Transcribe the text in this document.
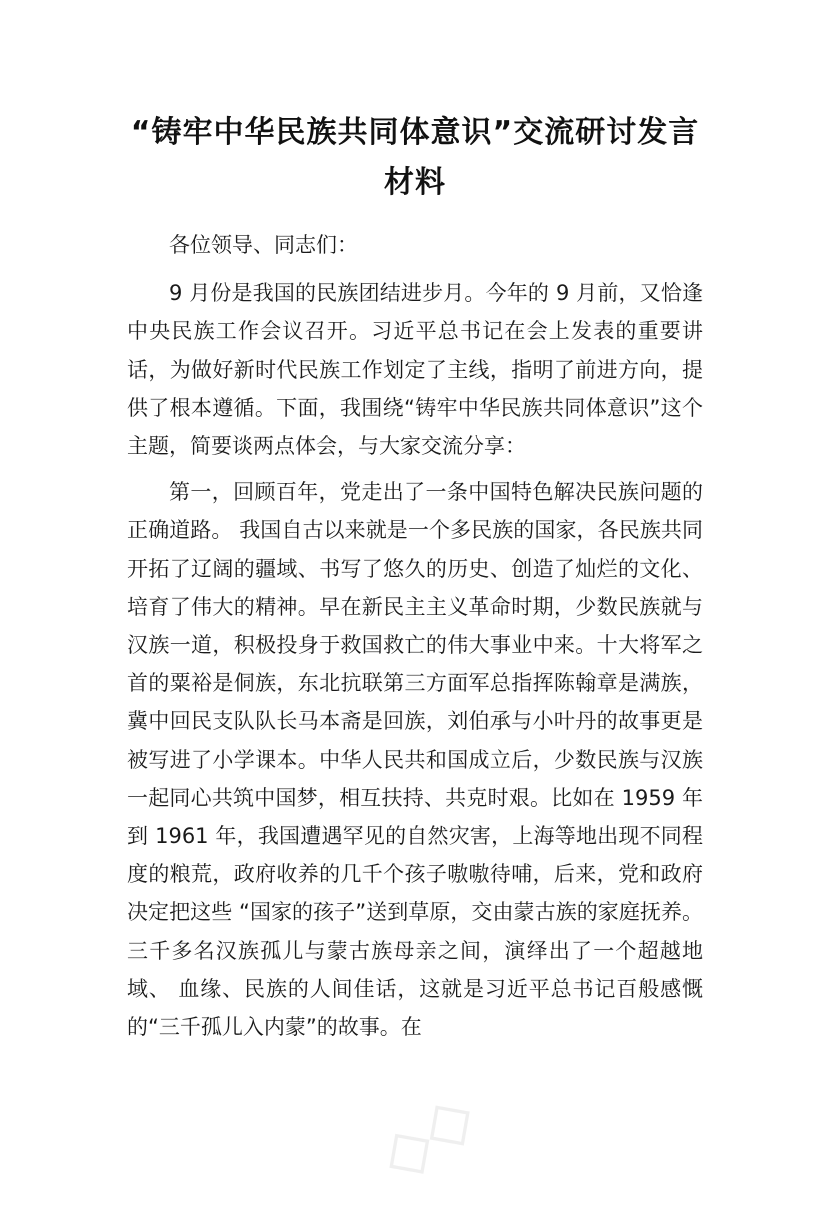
“铸牢中华民族共同体意识”交流研讨发言材料

各位领导、同志们：

9 月份是我国的民族团结进步月。今年的 9 月前，又恰逢中央民族工作会议召开。习近平总书记在会上发表的重要讲话，为做好新时代民族工作划定了主线，指明了前进方向，提供了根本遵循。下面，我围绕“铸牢中华民族共同体意识”这个主题，简要谈两点体会，与大家交流分享：

第一，回顾百年，党走出了一条中国特色解决民族问题的正确道路。 我国自古以来就是一个多民族的国家，各民族共同开拓了辽阔的疆域、书写了悠久的历史、创造了灿烂的文化、培育了伟大的精神。早在新民主主义革命时期，少数民族就与汉族一道，积极投身于救国救亡的伟大事业中来。十大将军之首的粟裕是侗族，东北抗联第三方面军总指挥陈翰章是满族，冀中回民支队队长马本斋是回族，刘伯承与小叶丹的故事更是被写进了小学课本。中华人民共和国成立后，少数民族与汉族一起同心共筑中国梦，相互扶持、共克时艰。比如在 1959 年到 1961 年，我国遭遇罕见的自然灾害，上海等地出现不同程度的粮荒，政府收养的几千个孩子嗷嗷待哺，后来，党和政府决定把这些 “国家的孩子”送到草原，交由蒙古族的家庭抚养。三千多名汉族孤儿与蒙古族母亲之间，演绎出了一个超越地域、 血缘、民族的人间佳话，这就是习近平总书记百般感慨的“三千孤儿入内蒙”的故事。在

◇◇
